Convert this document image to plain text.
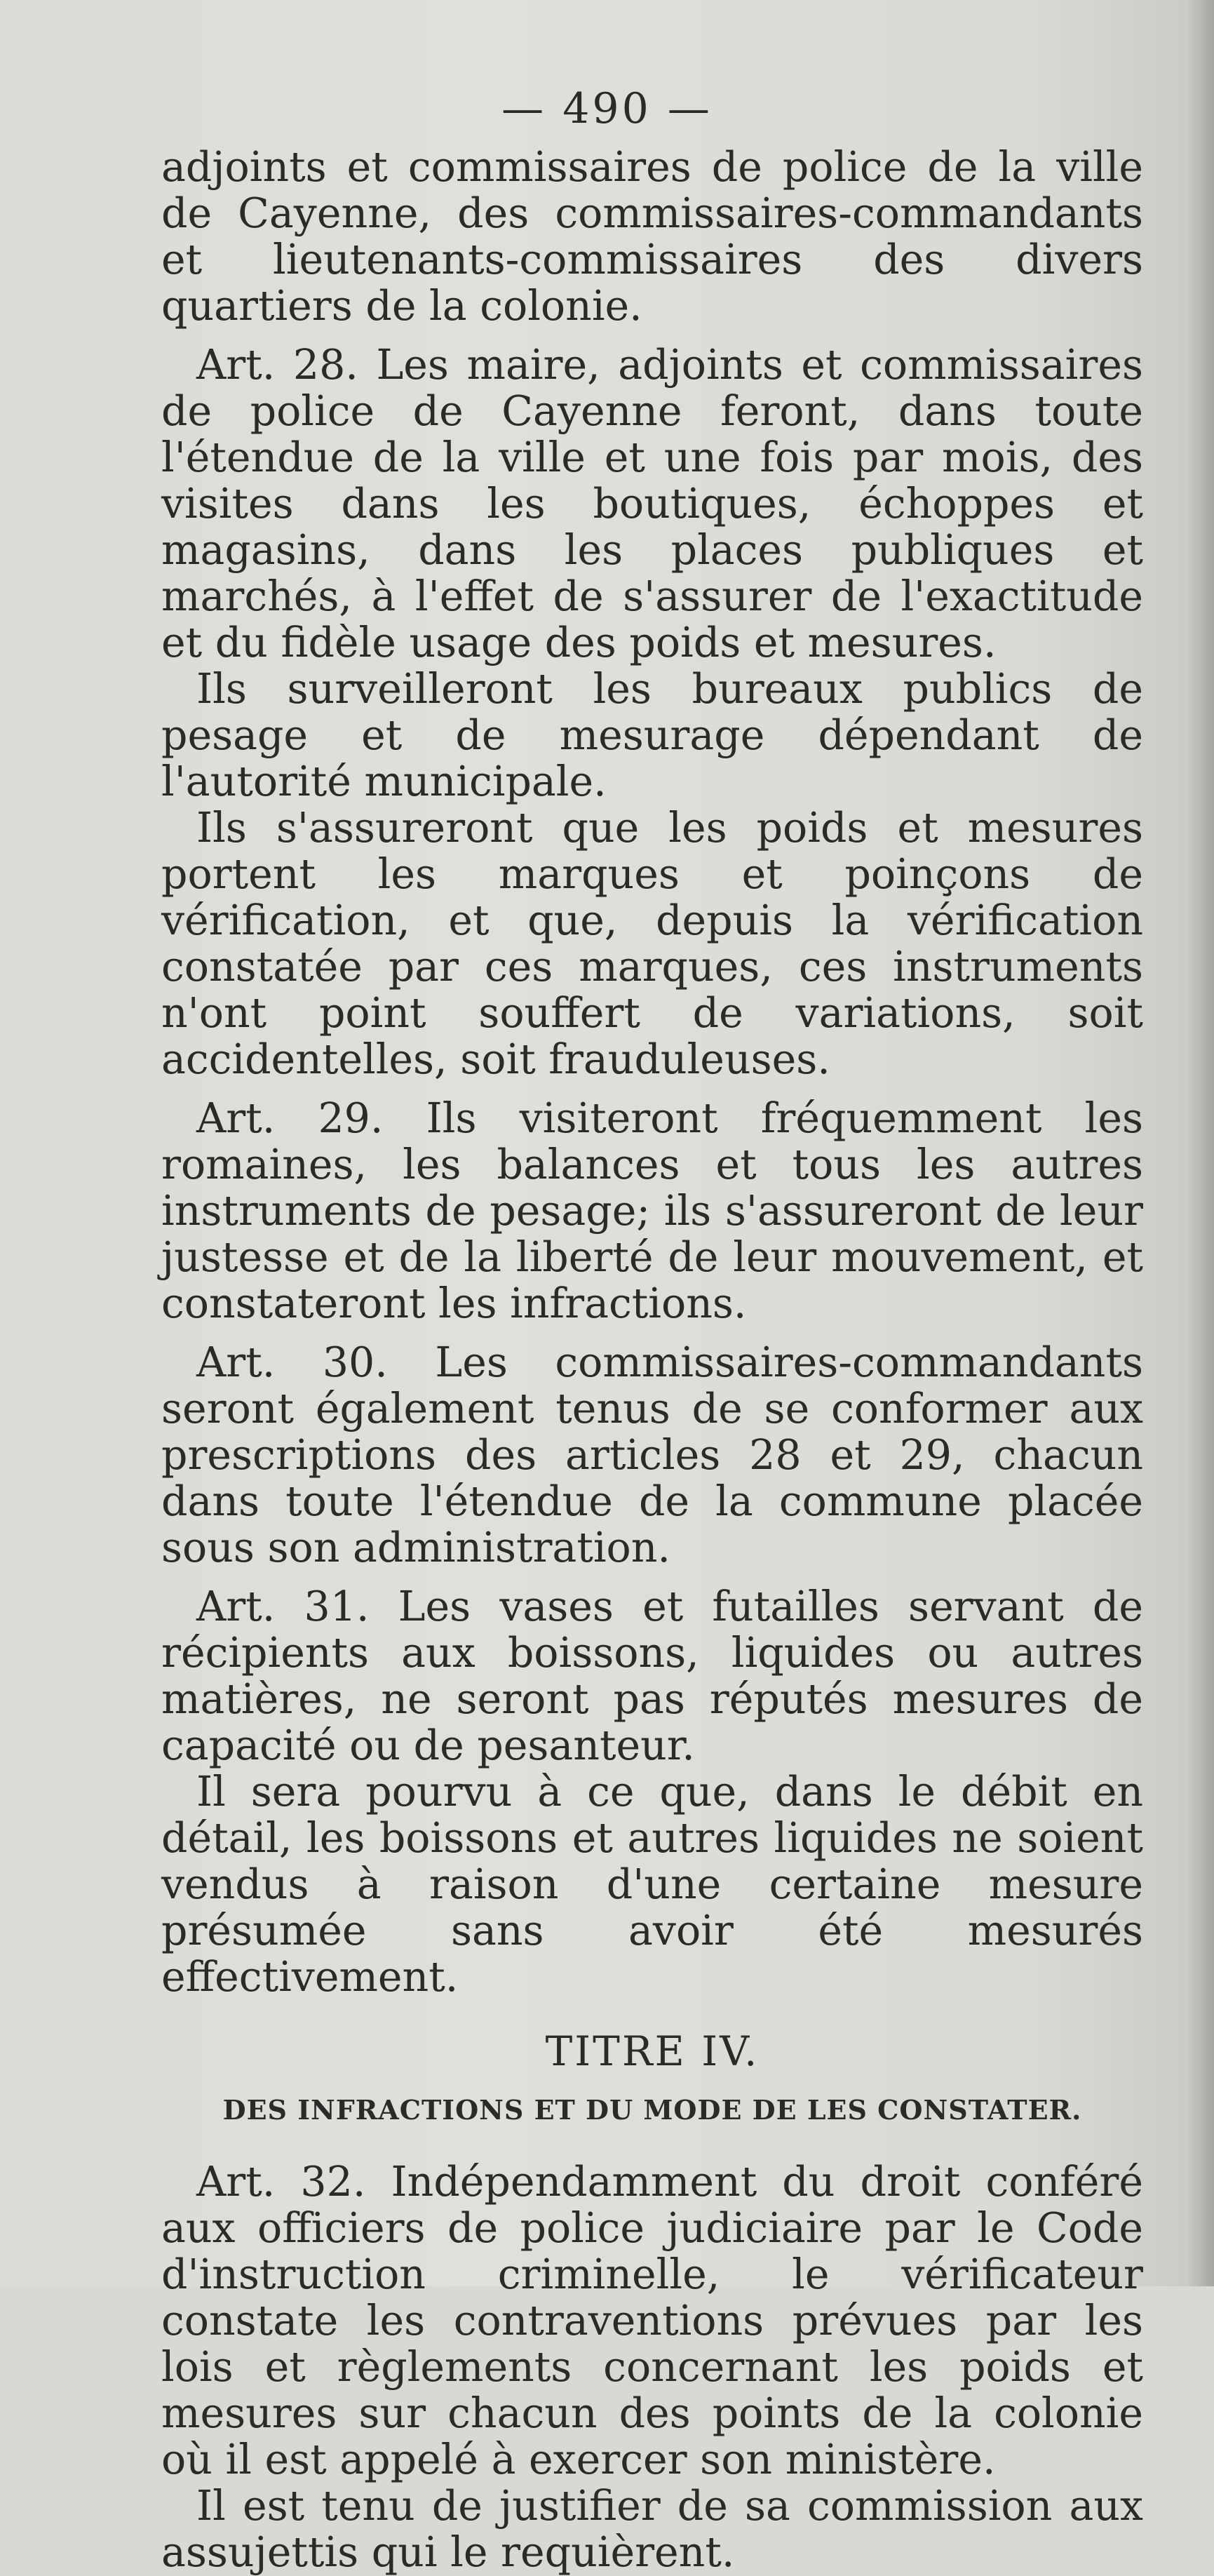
— 490 —

adjoints et commissaires de police de la ville de Cayenne, des commissaires-commandants et lieutenants-commissaires des divers quartiers de la colonie.

Art. 28. Les maire, adjoints et commissaires de police de Cayenne feront, dans toute l'étendue de la ville et une fois par mois, des visites dans les boutiques, échoppes et magasins, dans les places publiques et marchés, à l'effet de s'assurer de l'exactitude et du fidèle usage des poids et mesures.

Ils surveilleront les bureaux publics de pesage et de mesurage dépendant de l'autorité municipale.

Ils s'assureront que les poids et mesures portent les marques et poinçons de vérification, et que, depuis la vérification constatée par ces marques, ces instruments n'ont point souffert de variations, soit accidentelles, soit frauduleuses.

Art. 29. Ils visiteront fréquemment les romaines, les balances et tous les autres instruments de pesage; ils s'assureront de leur justesse et de la liberté de leur mouvement, et constateront les infractions.

Art. 30. Les commissaires-commandants seront également tenus de se conformer aux prescriptions des articles 28 et 29, chacun dans toute l'étendue de la commune placée sous son administration.

Art. 31. Les vases et futailles servant de récipients aux boissons, liquides ou autres matières, ne seront pas réputés mesures de capacité ou de pesanteur.

Il sera pourvu à ce que, dans le débit en détail, les boissons et autres liquides ne soient vendus à raison d'une certaine mesure présumée sans avoir été mesurés effectivement.

TITRE IV.

DES INFRACTIONS ET DU MODE DE LES CONSTATER.

Art. 32. Indépendamment du droit conféré aux officiers de police judiciaire par le Code d'instruction criminelle, le vérificateur constate les contraventions prévues par les lois et règlements concernant les poids et mesures sur chacun des points de la colonie où il est appelé à exercer son ministère.

Il est tenu de justifier de sa commission aux assujettis qui le requièrent.
